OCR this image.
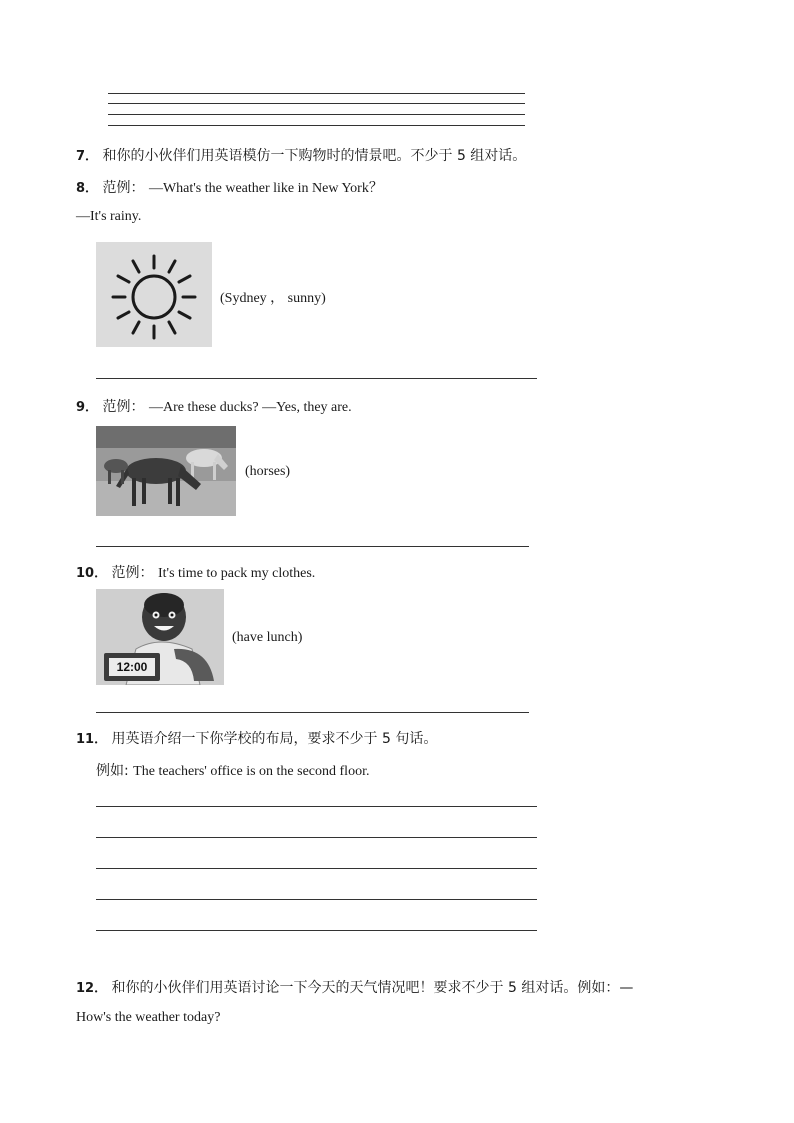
7． 和你的小伙伴们用英语模仿一下购物时的情景吧。不少于 5 组对话。
8． 范例： —What's the weather like in New York？
—It's rainy.
(Sydney ， sunny)
9． 范例： —Are these ducks? —Yes, they are.
(horses)
10． 范例： It's time to pack my clothes.
12:00
(have lunch)
11． 用英语介绍一下你学校的布局，要求不少于 5 句话。
例如: The teachers' office is on the second floor.
12． 和你的小伙伴们用英语讨论一下今天的天气情况吧！要求不少于 5 组对话。例如：—
How's the weather today?
